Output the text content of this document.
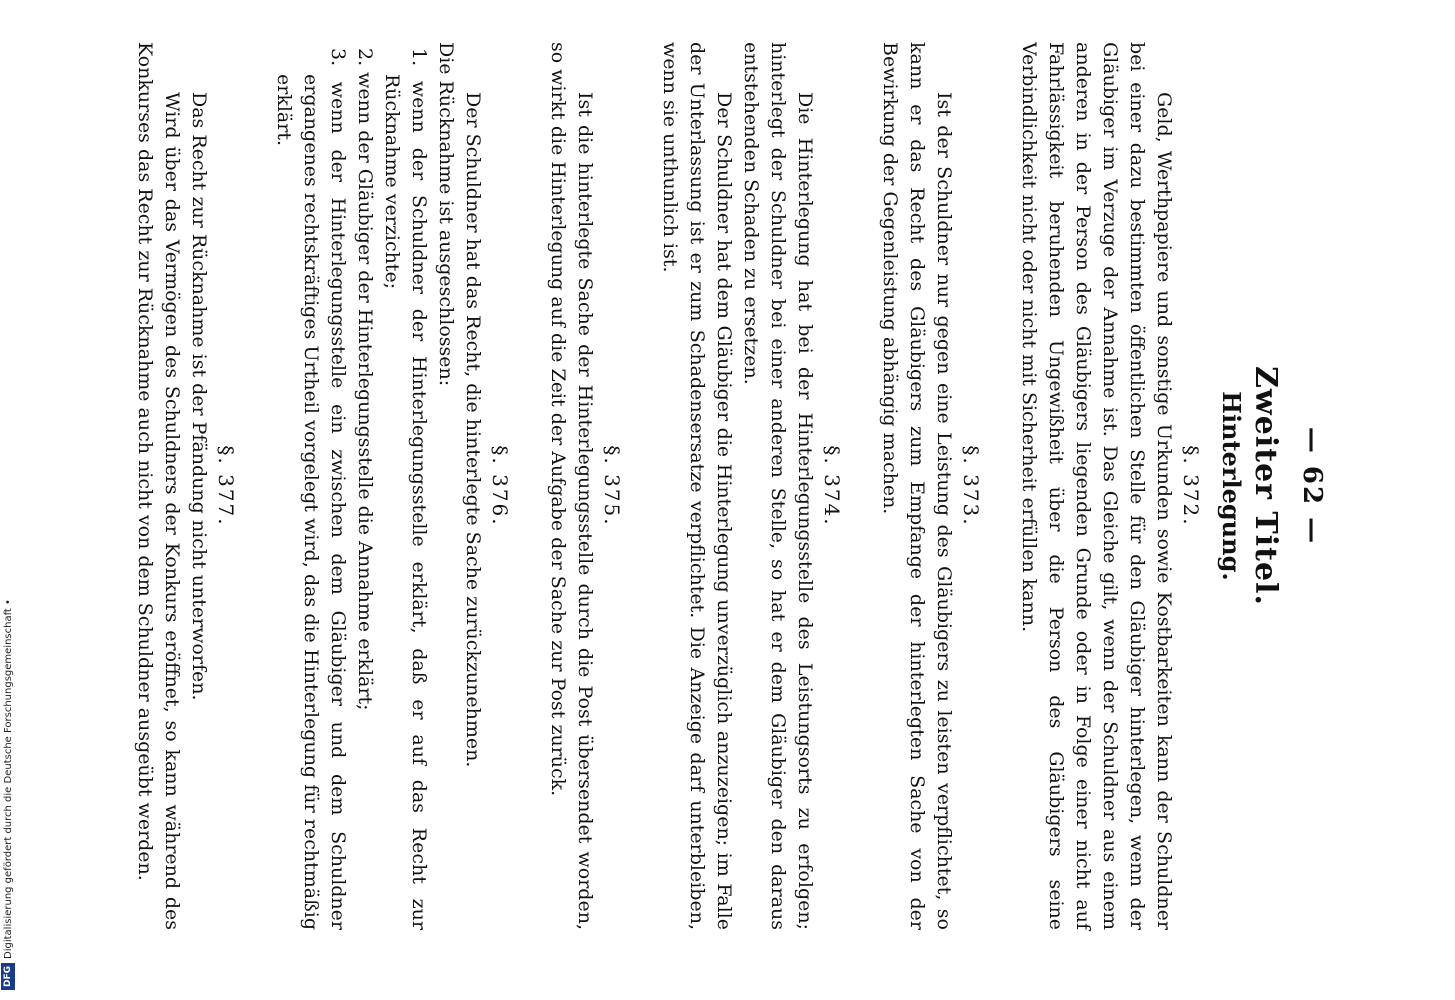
— 62 —
Zweiter Titel.
Hinterlegung.
§. 372.

Geld, Werthpapiere und sonstige Urkunden sowie Kostbarkeiten kann der Schuldner bei einer dazu bestimmten öffentlichen Stelle für den Gläubiger hinterlegen, wenn der Gläubiger im Verzuge der Annahme ist. Das Gleiche gilt, wenn der Schuldner aus einem anderen in der Person des Gläubigers liegenden Grunde oder in Folge einer nicht auf Fahrlässigkeit beruhenden Ungewißheit über die Person des Gläubigers seine Verbindlichkeit nicht oder nicht mit Sicherheit erfüllen kann.

§. 373.

Ist der Schuldner nur gegen eine Leistung des Gläubigers zu leisten verpflichtet, so kann er das Recht des Gläubigers zum Empfange der hinterlegten Sache von der Bewirkung der Gegenleistung abhängig machen.

§. 374.

Die Hinterlegung hat bei der Hinterlegungsstelle des Leistungsorts zu erfolgen; hinterlegt der Schuldner bei einer anderen Stelle, so hat er dem Gläubiger den daraus entstehenden Schaden zu ersetzen.

Der Schuldner hat dem Gläubiger die Hinterlegung unverzüglich anzuzeigen; im Falle der Unterlassung ist er zum Schadensersatze verpflichtet. Die Anzeige darf unterbleiben, wenn sie unthunlich ist.

§. 375.

Ist die hinterlegte Sache der Hinterlegungsstelle durch die Post übersendet worden, so wirkt die Hinterlegung auf die Zeit der Aufgabe der Sache zur Post zurück.

§. 376.

Der Schuldner hat das Recht, die hinterlegte Sache zurückzunehmen.

Die Rücknahme ist ausgeschlossen:

1. wenn der Schuldner der Hinterlegungsstelle erklärt, daß er auf das Recht zur Rücknahme verzichte;

2. wenn der Gläubiger der Hinterlegungsstelle die Annahme erklärt;

3. wenn der Hinterlegungsstelle ein zwischen dem Gläubiger und dem Schuldner ergangenes rechtskräftiges Urtheil vorgelegt wird, das die Hinterlegung für rechtmäßig erklärt.

§. 377.

Das Recht zur Rücknahme ist der Pfändung nicht unterworfen.

Wird über das Vermögen des Schuldners der Konkurs eröffnet, so kann während des Konkurses das Recht zur Rücknahme auch nicht von dem Schuldner ausgeübt werden.

DFGDigitalisierung gefördert durch die Deutsche Forschungsgemeinschaft •
